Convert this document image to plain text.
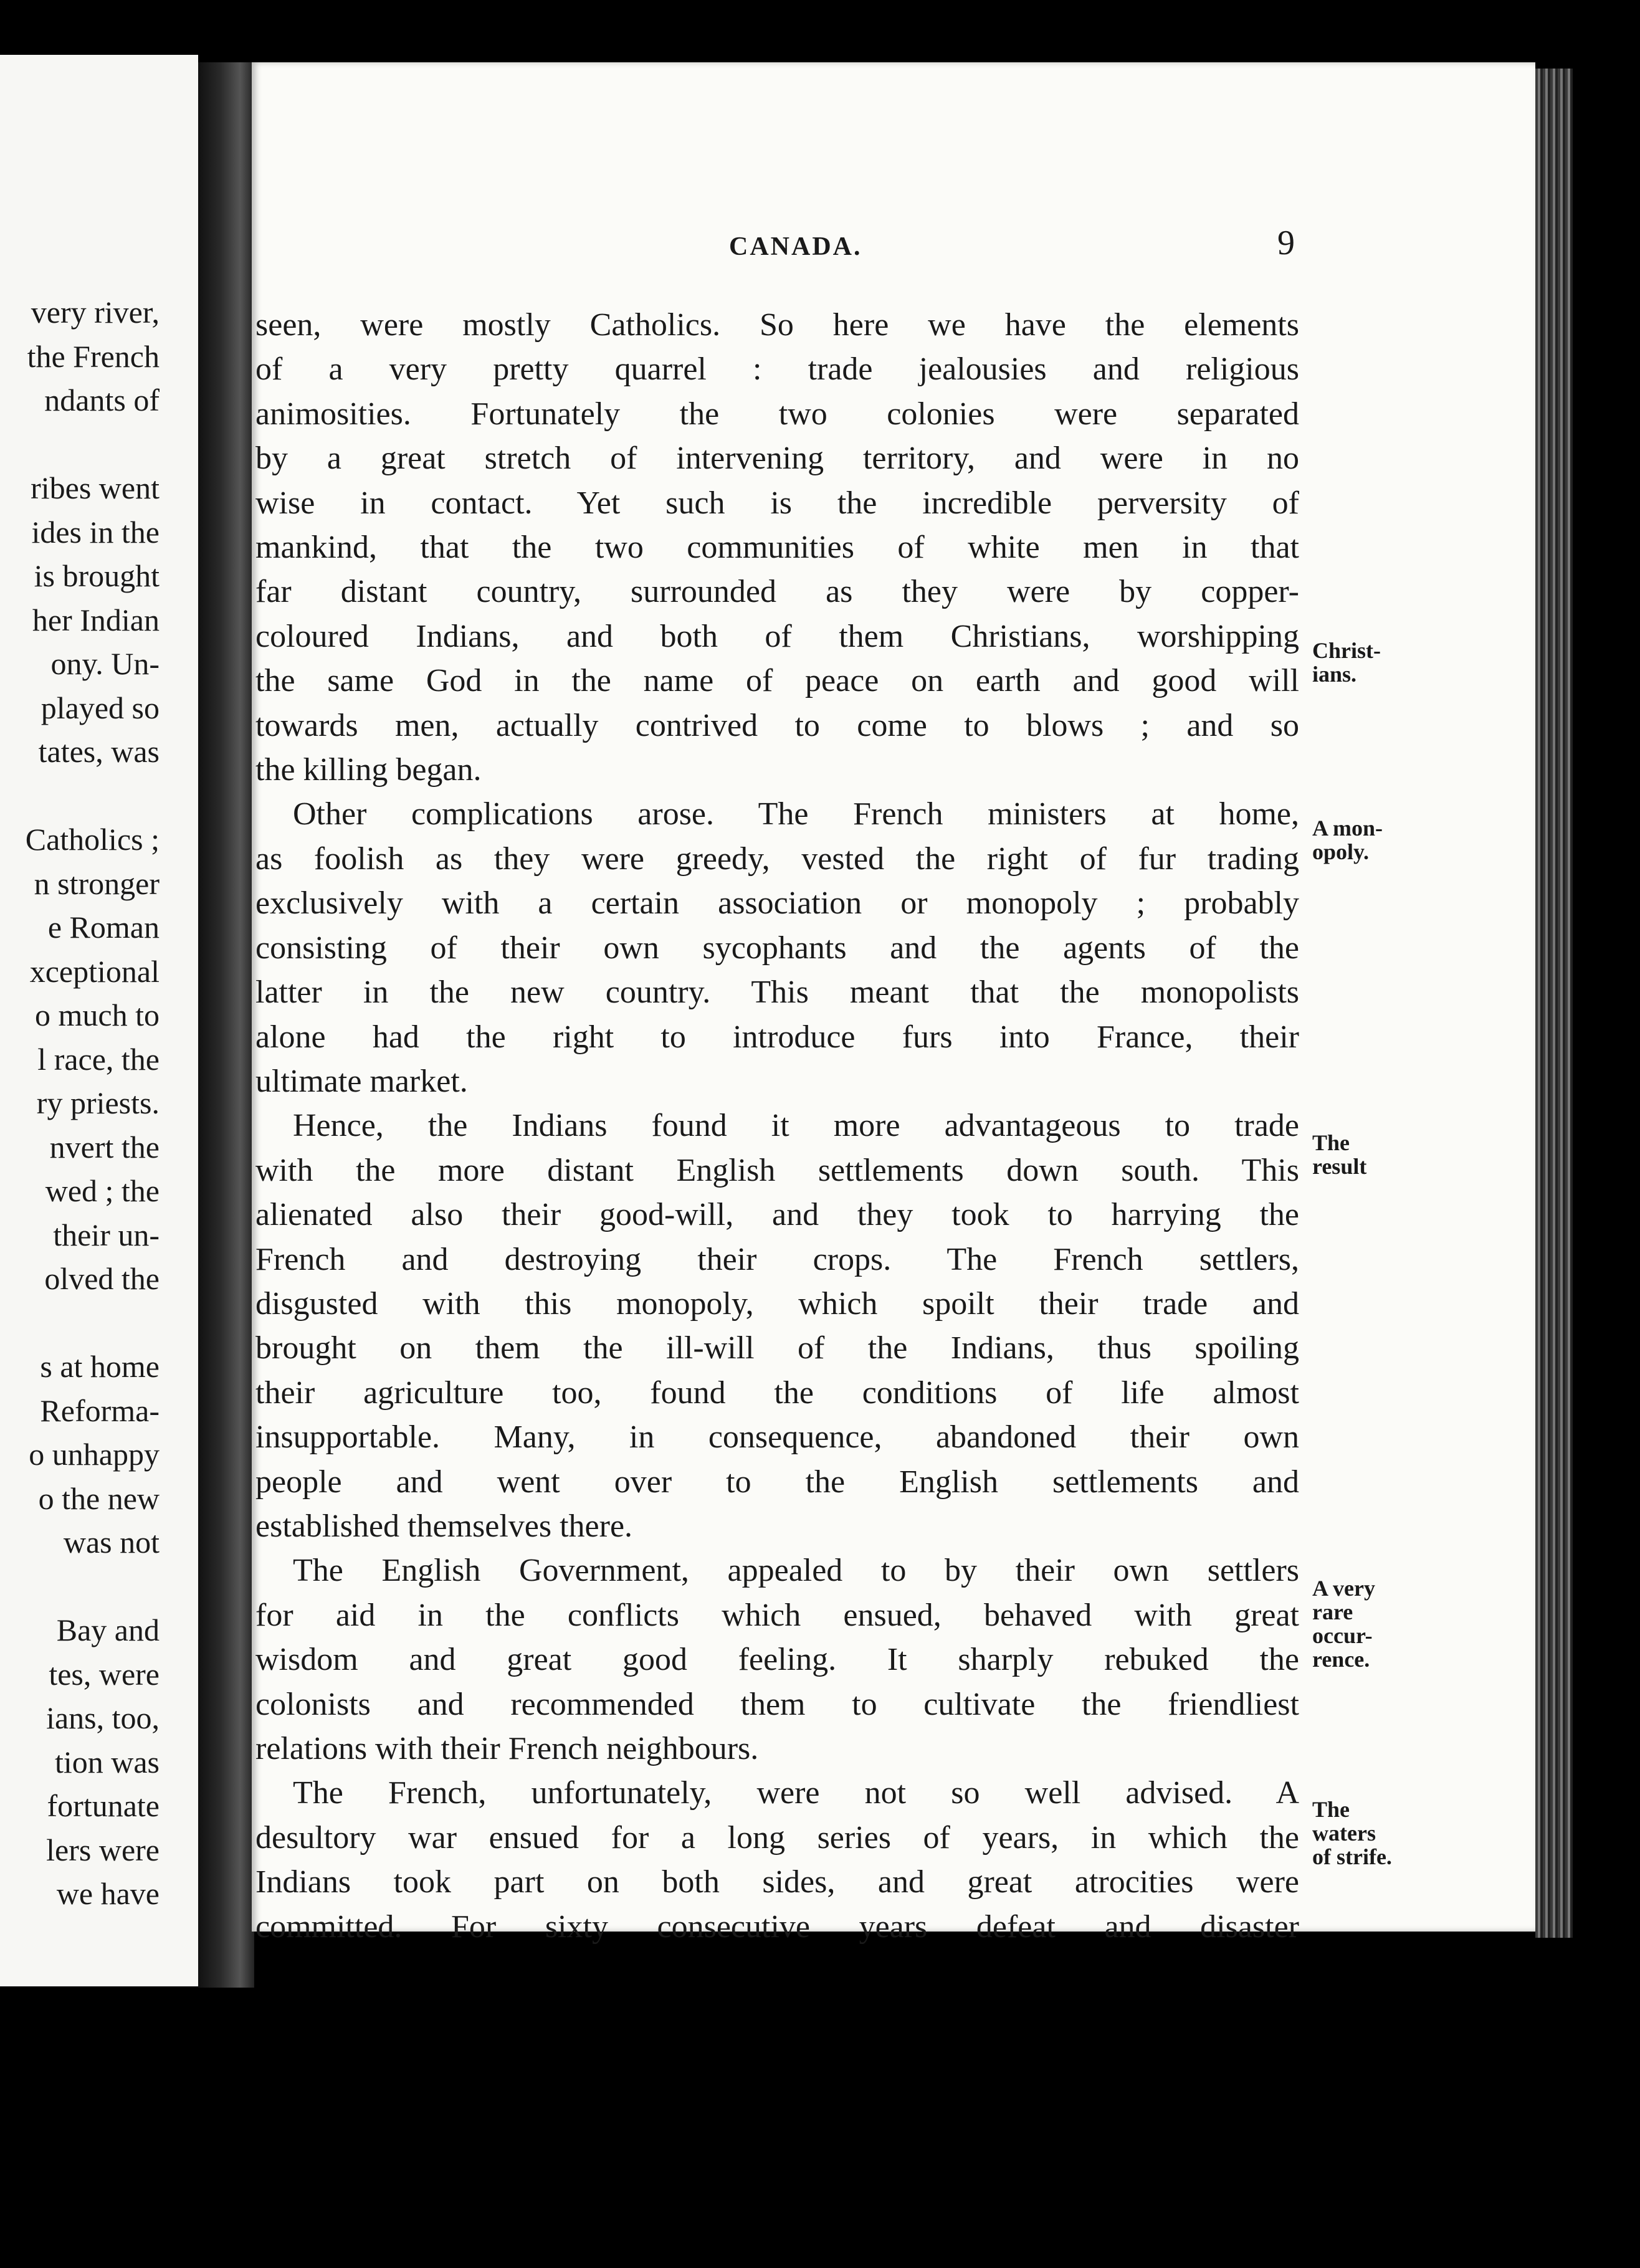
very river,
the French
ndants of
ribes went
ides in the
is brought
her Indian
ony. Un-
played so
tates, was
Catholics ;
n stronger
e Roman
xceptional
o much to
l race, the
ry priests.
nvert the
wed ; the
their un-
olved the
s at home
Reforma-
o unhappy
o the new
was not
Bay and
tes, were
ians, too,
tion was
fortunate
lers were
we have
CANADA.	9

seen, were mostly Catholics. So here we have the elements
of a very pretty quarrel : trade jealousies and religious
animosities. Fortunately the two colonies were separated
by a great stretch of intervening territory, and were in no
wise in contact. Yet such is the incredible perversity of
mankind, that the two communities of white men in that
far distant country, surrounded as they were by copper-
coloured Indians, and both of them Christians, worshipping
the same God in the name of peace on earth and good will
towards men, actually contrived to come to blows ; and so
the killing began.

Other complications arose. The French ministers at home,
as foolish as they were greedy, vested the right of fur trading
exclusively with a certain association or monopoly ; probably
consisting of their own sycophants and the agents of the
latter in the new country. This meant that the monopolists
alone had the right to introduce furs into France, their
ultimate market.

Hence, the Indians found it more advantageous to trade
with the more distant English settlements down south. This
alienated also their good-will, and they took to harrying the
French and destroying their crops. The French settlers,
disgusted with this monopoly, which spoilt their trade and
brought on them the ill-will of the Indians, thus spoiling
their agriculture too, found the conditions of life almost
insupportable. Many, in consequence, abandoned their own
people and went over to the English settlements and
established themselves there.

The English Government, appealed to by their own settlers
for aid in the conflicts which ensued, behaved with great
wisdom and great good feeling. It sharply rebuked the
colonists and recommended them to cultivate the friendliest
relations with their French neighbours.

The French, unfortunately, were not so well advised. A
desultory war ensued for a long series of years, in which the
Indians took part on both sides, and great atrocities were
committed. For sixty consecutive years defeat and disaster

Christ-
ians.
A mon-
opoly.
The
result
A very
rare
occur-
rence.
The
waters
of strife.
